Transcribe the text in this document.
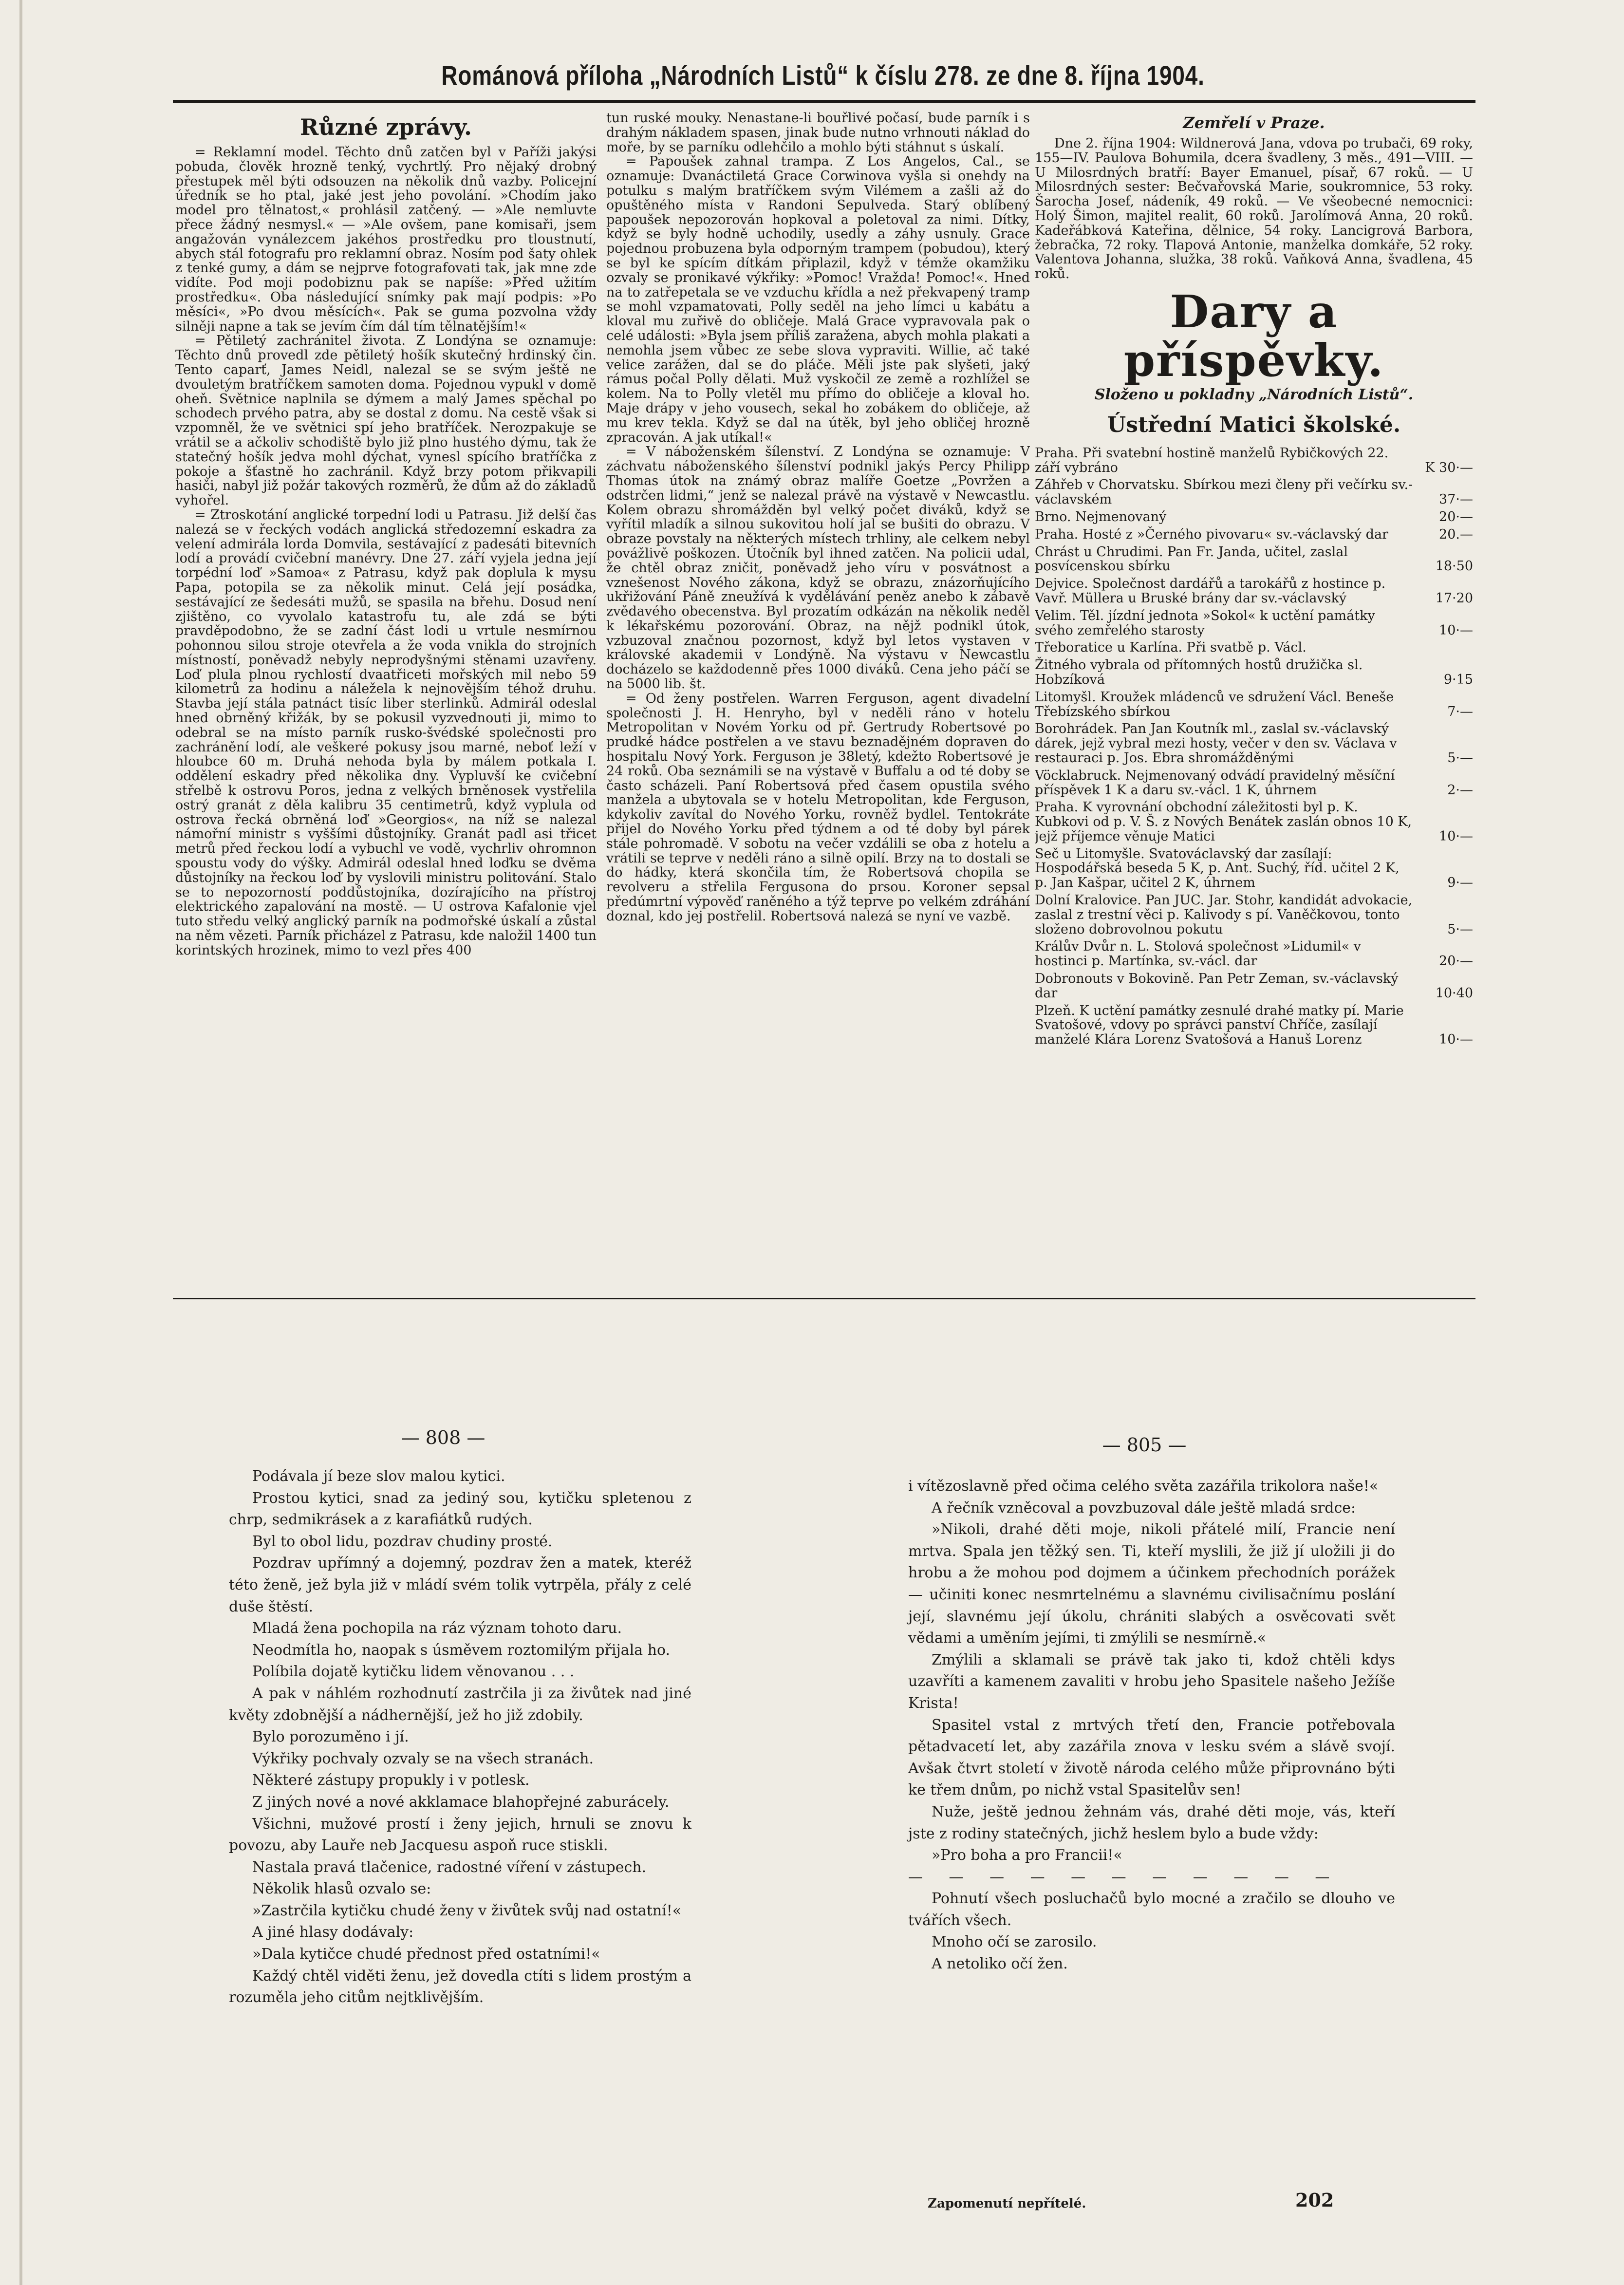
Románová příloha „Národních Listů“ k číslu 278. ze dne 8. října 1904.
Různé zprávy.

= Reklamní model. Těchto dnů zatčen byl v Paříži jakýsi pobuda, člověk hrozně tenký, vychrtlý. Pro nějaký drobný přestupek měl býti odsouzen na několik dnů vazby. Policejní úředník se ho ptal, jaké jest jeho povolání. »Chodím jako model pro tělnatost,« prohlásil zatčený. — »Ale nemluvte přece žádný nesmysl.« — »Ale ovšem, pane komisaři, jsem angažován vynálezcem jakéhos prostředku pro tloustnutí, abych stál fotografu pro reklamní obraz. Nosím pod šaty ohlek z tenké gumy, a dám se nejprve fotografovati tak, jak mne zde vidíte. Pod moji podobiznu pak se napíše: »Před užitím prostředku«. Oba následující snímky pak mají podpis: »Po měsíci«, »Po dvou měsících«. Pak se guma pozvolna vždy silněji napne a tak se jevím čím dál tím tělnatějším!«

= Pětiletý zachránitel života. Z Londýna se oznamuje: Těchto dnů provedl zde pětiletý hošík skutečný hrdinský čin. Tento caparť, James Neidl, nalezal se se svým ještě ne dvouletým bratříčkem samoten doma. Pojednou vypukl v domě oheň. Světnice naplnila se dýmem a malý James spěchal po schodech prvého patra, aby se dostal z domu. Na cestě však si vzpomněl, že ve světnici spí jeho bratříček. Nerozpakuje se vrátil se a ačkoliv schodiště bylo již plno hustého dýmu, tak že statečný hošík jedva mohl dýchat, vynesl spícího bratříčka z pokoje a šťastně ho zachránil. Když brzy potom přikvapili hasiči, nabyl již požár takových rozměrů, že dům až do základů vyhořel.

= Ztroskotání anglické torpední lodi u Patrasu. Již delší čas nalezá se v řeckých vodách anglická středozemní eskadra za velení admirála lorda Domvila, sestávající z padesáti bitevních lodí a provádí cvičební manévry. Dne 27. září vyjela jedna její torpédní loď »Samoa« z Patrasu, když pak doplula k mysu Papa, potopila se za několik minut. Celá její posádka, sestávající ze šedesáti mužů, se spasila na břehu. Dosud není zjištěno, co vyvolalo katastrofu tu, ale zdá se býti pravděpodobno, že se zadní část lodi u vrtule nesmírnou pohonnou silou stroje otevřela a že voda vnikla do strojních místností, poněvadž nebyly neprodyšnými stěnami uzavřeny. Loď plula plnou rychlostí dvaatřiceti mořských mil nebo 59 kilometrů za hodinu a náležela k nejnovějším téhož druhu. Stavba její stála patnáct tisíc liber sterlinků. Admirál odeslal hned obrněný křižák, by se pokusil vyzvednouti ji, mimo to odebral se na místo parník rusko-švédské společnosti pro zachránění lodí, ale veškeré pokusy jsou marné, neboť leží v hloubce 60 m. Druhá nehoda byla by málem potkala I. oddělení eskadry před několika dny. Vypluvší ke cvičební střelbě k ostrovu Poros, jedna z velkých brněnosek vystřelila ostrý granát z děla kalibru 35 centimetrů, když vyplula od ostrova řecká obrněná loď »Georgios«, na níž se nalezal námořní ministr s vyššími důstojníky. Granát padl asi třicet metrů před řeckou lodí a vybuchl ve vodě, vychrliv ohromnon spoustu vody do výšky. Admirál odeslal hned loďku se dvěma důstojníky na řeckou loď by vyslovili ministru politování. Stalo se to nepozorností poddůstojníka, dozírajícího na přístroj elektrického zapalování na mostě. — U ostrova Kafalonie vjel tuto středu velký anglický parník na podmořské úskalí a zůstal na něm vězeti. Parník přicházel z Patrasu, kde naložil 1400 tun korintských hrozinek, mimo to vezl přes 400

tun ruské mouky. Nenastane-li bouřlivé počasí, bude parník i s drahým nákladem spasen, jinak bude nutno vrhnouti náklad do moře, by se parníku odlehčilo a mohlo býti stáhnut s úskalí.

= Papoušek zahnal trampa. Z Los Angelos, Cal., se oznamuje: Dvanáctiletá Grace Corwinova vyšla si onehdy na potulku s malým bratříčkem svým Vilémem a zašli až do opuštěného místa v Randoni Sepulveda. Starý oblíbený papoušek nepozorován hopkoval a poletoval za nimi. Dítky, když se byly hodně uchodily, usedly a záhy usnuly. Grace pojednou probuzena byla odporným trampem (pobudou), který se byl ke spícím dítkám připlazil, když v témže okamžiku ozvaly se pronikavé výkřiky: »Pomoc! Vražda! Pomoc!«. Hned na to zatřepetala se ve vzduchu křídla a než překvapený tramp se mohl vzpamatovati, Polly seděl na jeho límci u kabátu a kloval mu zuřivě do obličeje. Malá Grace vypravovala pak o celé události: »Byla jsem příliš zaražena, abych mohla plakati a nemohla jsem vůbec ze sebe slova vypraviti. Willie, ač také velice zarážen, dal se do pláče. Měli jste pak slyšeti, jaký rámus počal Polly dělati. Muž vyskočil ze země a rozhlížel se kolem. Na to Polly vletěl mu přímo do obličeje a kloval ho. Maje drápy v jeho vousech, sekal ho zobákem do obličeje, až mu krev tekla. Když se dal na útěk, byl jeho obličej hrozně zpracován. A jak utíkal!«

= V náboženském šílenství. Z Londýna se oznamuje: V záchvatu náboženského šílenství podnikl jakýs Percy Philipp Thomas útok na známý obraz malíře Goetze „Povržen a odstrčen lidmi,“ jenž se nalezal právě na výstavě v Newcastlu. Kolem obrazu shromážděn byl velký počet diváků, když se vyřítil mladík a silnou sukovitou holí jal se bušiti do obrazu. V obraze povstaly na některých místech trhliny, ale celkem nebyl povážlivě poškozen. Útočník byl ihned zatčen. Na policii udal, že chtěl obraz zničit, poněvadž jeho víru v posvátnost a vznešenost Nového zákona, když se obrazu, znázorňujícího ukřižování Páně zneužívá k vydělávání peněz anebo k zábavě zvědavého obecenstva. Byl prozatím odkázán na několik neděl k lékařskému pozorování. Obraz, na nějž podnikl útok, vzbuzoval značnou pozornost, když byl letos vystaven v královské akademii v Londýně. Na výstavu v Newcastlu docházelo se každodenně přes 1000 diváků. Cena jeho páčí se na 5000 lib. št.

= Od ženy postřelen. Warren Ferguson, agent divadelní společnosti J. H. Henryho, byl v neděli ráno v hotelu Metropolitan v Novém Yorku od př. Gertrudy Robertsové po prudké hádce postřelen a ve stavu beznadějném dopraven do hospitalu Nový York. Ferguson je 38letý, kdežto Robertsové je 24 roků. Oba seznámili se na výstavě v Buffalu a od té doby se často scházeli. Paní Robertsová před časem opustila svého manžela a ubytovala se v hotelu Metropolitan, kde Ferguson, kdykoliv zavítal do Nového Yorku, rovněž bydlel. Tentokráte přijel do Nového Yorku před týdnem a od té doby byl párek stále pohromadě. V sobotu na večer vzdálili se oba z hotelu a vrátili se teprve v neděli ráno a silně opilí. Brzy na to dostali se do hádky, která skončila tím, že Robertsová chopila se revolveru a střelila Fergusona do prsou. Koroner sepsal předúmrtní výpověď raněného a týž teprve po velkém zdráhání doznal, kdo jej postřelil. Robertsová nalezá se nyní ve vazbě.

Zemřelí v Praze.

Dne 2. října 1904: Wildnerová Jana, vdova po trubači, 69 roky, 155—IV. Paulova Bohumila, dcera švadleny, 3 měs., 491—VIII. — U Milosrdných bratří: Bayer Emanuel, písař, 67 roků. — U Milosrdných sester: Bečvařovská Marie, soukromnice, 53 roky. Šarocha Josef, nádeník, 49 roků. — Ve všeobecné nemocnici: Holý Šimon, majitel realit, 60 roků. Jarolímová Anna, 20 roků. Kadeřábková Kateřina, dělnice, 54 roky. Lancigrová Barbora, žebračka, 72 roky. Tlapová Antonie, manželka domkáře, 52 roky. Valentova Johanna, služka, 38 roků. Vaňková Anna, švadlena, 45 roků.

Dary a příspěvky.
Složeno u pokladny „Národních Listů“.
Ústřední Matici školské.
Praha. Při svatební hostině manželů Rybičkových 22. září vybráno	K 30·—
Záhřeb v Chorvatsku. Sbírkou mezi členy při večírku sv.-václavském	37·—
Brno. Nejmenovaný	20·—
Praha. Hosté z »Černého pivovaru« sv.-václavský dar	20.—
Chrást u Chrudimi. Pan Fr. Janda, učitel, zaslal posvícenskou sbírku	18·50
Dejvice. Společnost dardářů a tarokářů z hostince p. Vavř. Müllera u Bruské brány dar sv.-václavský	17·20
Velim. Těl. jízdní jednota »Sokol« k uctění památky svého zemřelého starosty	10·—
Třeboratice u Karlína. Při svatbě p. Václ.
Žitného vybrala od přítomných hostů družička sl. Hobzíková	9·15
Litomyšl. Kroužek mládenců ve sdružení Václ. Beneše Třebízského sbírkou	7·—
Borohrádek. Pan Jan Koutník ml., zaslal sv.-václavský dárek, jejž vybral mezi hosty, večer v den sv. Václava v restauraci p. Jos. Ebra shromážděnými	5·—
Vöcklabruck. Nejmenovaný odvádí pravidelný měsíční příspěvek 1 K a daru sv.-václ. 1 K, úhrnem	2·—
Praha. K vyrovnání obchodní záležitosti byl p. K. Kubkovi od p. V. Š. z Nových Benátek zaslán obnos 10 K, jejž příjemce věnuje Matici	10·—
Seč u Litomyšle. Svatováclavský dar zasílají: Hospodářská beseda 5 K, p. Ant. Suchý, říd. učitel 2 K, p. Jan Kašpar, učitel 2 K, úhrnem	9·—
Dolní Kralovice. Pan JUC. Jar. Stohr, kandidát advokacie, zaslal z trestní věci p. Kalivody s pí. Vaněčkovou, tonto složeno dobrovolnou pokutu	5·—
Králův Dvůr n. L. Stolová společnost »Lidumil« v hostinci p. Martínka, sv.-václ. dar	20·—
Dobronouts v Bokovině. Pan Petr Zeman, sv.-václavský dar	10·40
Plzeň. K uctění památky zesnulé drahé matky pí. Marie Svatošové, vdovy po správci panství Chříče, zasílají manželé Klára Lorenz Svatošová a Hanuš Lorenz	10·—
— 808 —	— 805 —

Podávala jí beze slov malou kytici.

Prostou kytici, snad za jediný sou, kytičku spletenou z chrp, sedmikrásek a z karafiátků rudých.

Byl to obol lidu, pozdrav chudiny prosté.

Pozdrav upřímný a dojemný, pozdrav žen a matek, kteréž této ženě, jež byla již v mládí svém tolik vytrpěla, přály z celé duše štěstí.

Mladá žena pochopila na ráz význam tohoto daru.

Neodmítla ho, naopak s úsměvem roztomilým přijala ho.

Políbila dojatě kytičku lidem věnovanou . . .

A pak v náhlém rozhodnutí zastrčila ji za živůtek nad jiné květy zdobnější a nádhernější, jež ho již zdobily.

Bylo porozuměno i jí.

Výkřiky pochvaly ozvaly se na všech stranách.

Některé zástupy propukly i v potlesk.

Z jiných nové a nové akklamace blahopřejné zaburácely.

Všichni, mužové prostí i ženy jejich, hrnuli se znovu k povozu, aby Lauře neb Jacquesu aspoň ruce stiskli.

Nastala pravá tlačenice, radostné víření v zástupech.

Několik hlasů ozvalo se:

»Zastrčila kytičku chudé ženy v živůtek svůj nad ostatní!«

A jiné hlasy dodávaly:

»Dala kytičce chudé přednost před ostatními!«

Každý chtěl viděti ženu, jež dovedla ctíti s lidem prostým a rozuměla jeho citům nejtklivějším.

i vítězoslavně před očima celého světa zazářila trikolora naše!«

A řečník vzněcoval a povzbuzoval dále ještě mladá srdce:

»Nikoli, drahé děti moje, nikoli přátelé milí, Francie není mrtva. Spala jen těžký sen. Ti, kteří myslili, že již jí uložili ji do hrobu a že mohou pod dojmem a účinkem přechodních porážek — učiniti konec nesmrtelnému a slavnému civilisačnímu poslání její, slavnému její úkolu, chrániti slabých a osvěcovati svět vědami a uměním jejími, ti zmýlili se nesmírně.«

Zmýlili a sklamali se právě tak jako ti, kdož chtěli kdys uzavříti a kamenem zavaliti v hrobu jeho Spasitele našeho Ježíše Krista!

Spasitel vstal z mrtvých třetí den, Francie potřebovala pětadvacetí let, aby zazářila znova v lesku svém a slávě svojí. Avšak čtvrt století v životě národa celého může připrovnáno býti ke třem dnům, po nichž vstal Spasitelův sen!

Nuže, ještě jednou žehnám vás, drahé děti moje, vás, kteří jste z rodiny statečných, jichž heslem bylo a bude vždy:

»Pro boha a pro Francii!«

— — — — — — — — — — —

Pohnutí všech posluchačů bylo mocné a zračilo se dlouho ve tvářích všech.

Mnoho očí se zarosilo.

A netoliko očí žen.

Zapomenutí nepřítelé.	202
